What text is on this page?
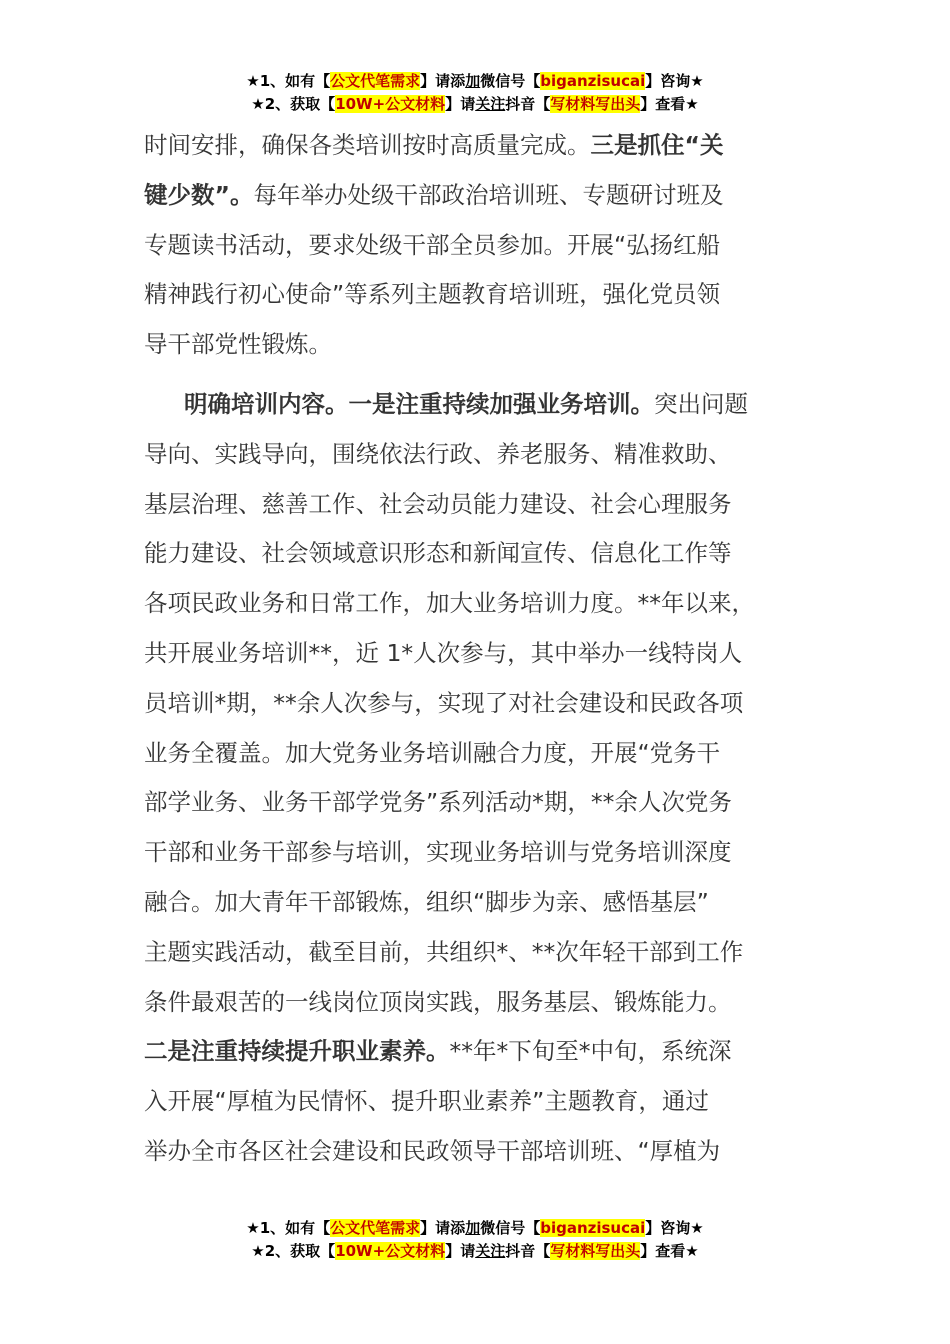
★1、如有【公文代笔需求】请添加微信号【biganzisucai】咨询★
★2、获取【10W+公文材料】请关注抖音【写材料写出头】查看★
时间安排，确保各类培训按时高质量完成。三是抓住“关
键少数”。每年举办处级干部政治培训班、专题研讨班及
专题读书活动，要求处级干部全员参加。开展“弘扬红船
精神践行初心使命”等系列主题教育培训班，强化党员领
导干部党性锻炼。
明确培训内容。一是注重持续加强业务培训。突出问题
导向、实践导向，围绕依法行政、养老服务、精准救助、
基层治理、慈善工作、社会动员能力建设、社会心理服务
能力建设、社会领域意识形态和新闻宣传、信息化工作等
各项民政业务和日常工作，加大业务培训力度。**年以来，
共开展业务培训**，近 1*人次参与，其中举办一线特岗人
员培训*期，**余人次参与，实现了对社会建设和民政各项
业务全覆盖。加大党务业务培训融合力度，开展“党务干
部学业务、业务干部学党务”系列活动*期，**余人次党务
干部和业务干部参与培训，实现业务培训与党务培训深度
融合。加大青年干部锻炼，组织“脚步为亲、感悟基层”
主题实践活动，截至目前，共组织*、**次年轻干部到工作
条件最艰苦的一线岗位顶岗实践，服务基层、锻炼能力。
二是注重持续提升职业素养。**年*下旬至*中旬，系统深
入开展“厚植为民情怀、提升职业素养”主题教育，通过
举办全市各区社会建设和民政领导干部培训班、“厚植为
★1、如有【公文代笔需求】请添加微信号【biganzisucai】咨询★
★2、获取【10W+公文材料】请关注抖音【写材料写出头】查看★
